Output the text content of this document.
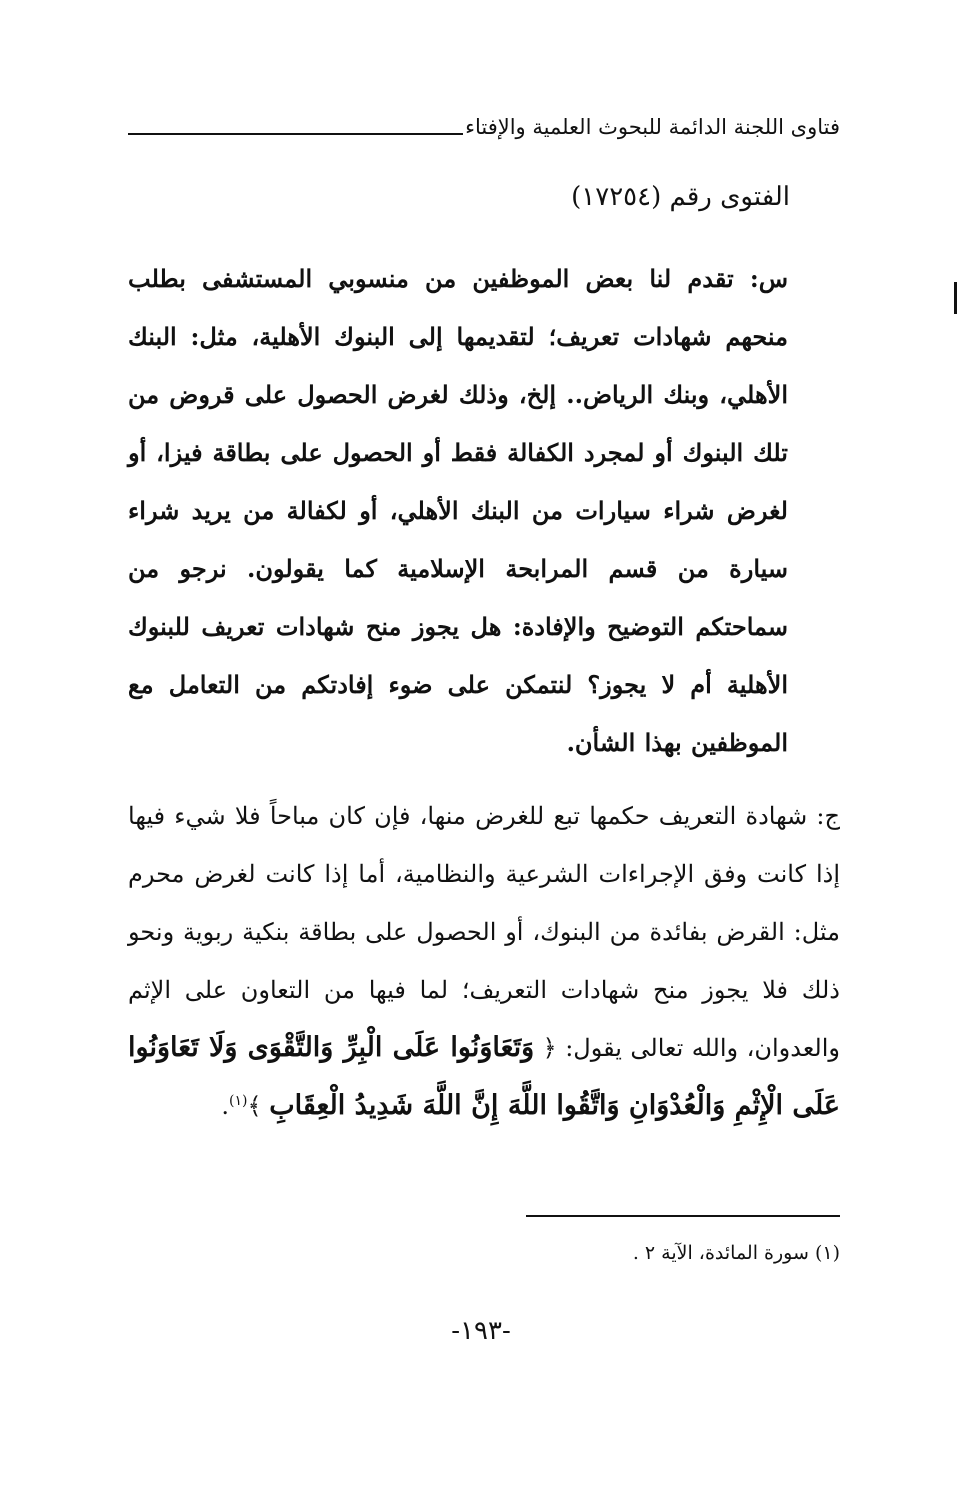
فتاوى اللجنة الدائمة للبحوث العلمية والإفتاء
الفتوى رقم (١٧٢٥٤)
س: تقدم لنا بعض الموظفين من منسوبي المستشفى بطلب منحهم شهادات تعريف؛ لتقديمها إلى البنوك الأهلية، مثل: البنك الأهلي، وبنك الرياض.. إلخ، وذلك لغرض الحصول على قروض من تلك البنوك أو لمجرد الكفالة فقط أو الحصول على بطاقة فيزا، أو لغرض شراء سيارات من البنك الأهلي، أو لكفالة من يريد شراء سيارة من قسم المرابحة الإسلامية كما يقولون. نرجو من سماحتكم التوضيح والإفادة: هل يجوز منح شهادات تعريف للبنوك الأهلية أم لا يجوز؟ لنتمكن على ضوء إفادتكم من التعامل مع الموظفين بهذا الشأن.
ج: شهادة التعريف حكمها تبع للغرض منها، فإن كان مباحاً فلا شيء فيها إذا كانت وفق الإجراءات الشرعية والنظامية، أما إذا كانت لغرض محرم مثل: القرض بفائدة من البنوك، أو الحصول على بطاقة بنكية ربوية ونحو ذلك فلا يجوز منح شهادات التعريف؛ لما فيها من التعاون على الإثم والعدوان، والله تعالى يقول: ﴿ وَتَعَاوَنُوا عَلَى الْبِرِّ وَالتَّقْوَى وَلَا تَعَاوَنُوا عَلَى الْإِثْمِ وَالْعُدْوَانِ وَاتَّقُوا اللَّهَ إِنَّ اللَّهَ شَدِيدُ الْعِقَابِ ﴾$^{(١)}$.
(١) سورة المائدة، الآية ٢ .
-١٩٣-
